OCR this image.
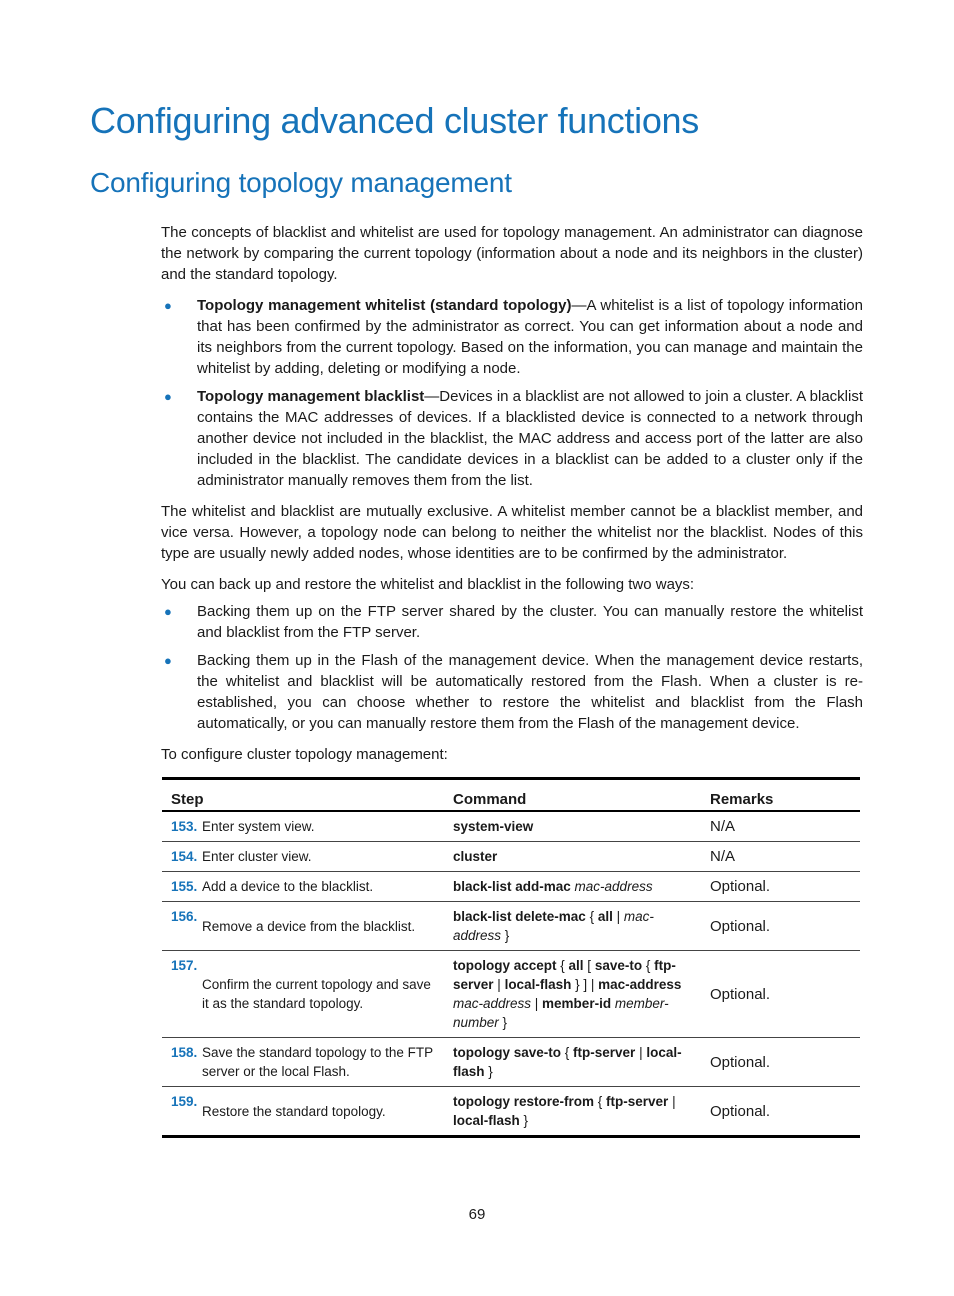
Configuring advanced cluster functions
Configuring topology management

The concepts of blacklist and whitelist are used for topology management. An administrator can diagnose the network by comparing the current topology (information about a node and its neighbors in the cluster) and the standard topology.

● Topology management whitelist (standard topology)—A whitelist is a list of topology information that has been confirmed by the administrator as correct. You can get information about a node and its neighbors from the current topology. Based on the information, you can manage and maintain the whitelist by adding, deleting or modifying a node.
● Topology management blacklist—Devices in a blacklist are not allowed to join a cluster. A blacklist contains the MAC addresses of devices. If a blacklisted device is connected to a network through another device not included in the blacklist, the MAC address and access port of the latter are also included in the blacklist. The candidate devices in a blacklist can be added to a cluster only if the administrator manually removes them from the list.

The whitelist and blacklist are mutually exclusive. A whitelist member cannot be a blacklist member, and vice versa. However, a topology node can belong to neither the whitelist nor the blacklist. Nodes of this type are usually newly added nodes, whose identities are to be confirmed by the administrator.

You can back up and restore the whitelist and blacklist in the following two ways:

● Backing them up on the FTP server shared by the cluster. You can manually restore the whitelist and blacklist from the FTP server.
● Backing them up in the Flash of the management device. When the management device restarts, the whitelist and blacklist will be automatically restored from the Flash. When a cluster is re-established, you can choose whether to restore the whitelist and blacklist from the Flash automatically, or you can manually restore them from the Flash of the management device.

To configure cluster topology management:

Step	Command	Remarks

153. Enter system view.	system-view	N/A

154. Enter cluster view.	cluster	N/A

155. Add a device to the blacklist.	black-list add-mac mac-address	Optional.

156.
Remove a device from the blacklist.	black-list delete-mac { all | mac-address }	Optional.

157.
Confirm the current topology and save it as the standard topology.	topology accept { all [ save-to { ftp-server | local-flash } ] | mac-address mac-address | member-id member-number }	Optional.

158. Save the standard topology to the FTP server or the local Flash.	topology save-to { ftp-server | local-flash }	Optional.

159.
Restore the standard topology.	topology restore-from { ftp-server | local-flash }	Optional.
69
